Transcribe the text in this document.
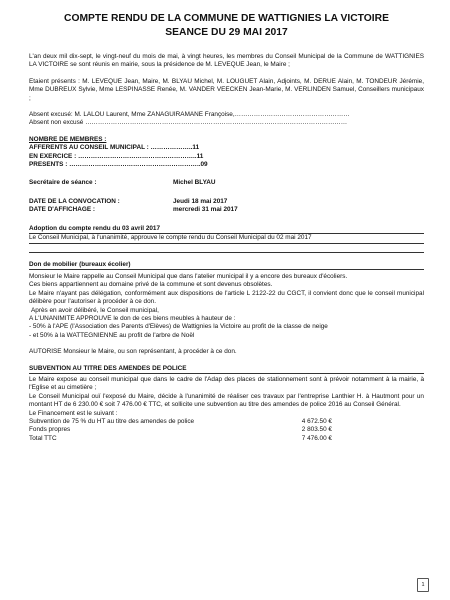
COMPTE RENDU DE LA COMMUNE DE WATTIGNIES LA VICTOIRE

SEANCE DU 29 MAI 2017

L'an deux mil dix-sept, le vingt-neuf du mois de mai, à vingt heures, les membres du Conseil Municipal de la Commune de WATTIGNIES LA VICTOIRE se sont réunis en mairie, sous la présidence de M. LEVEQUE Jean, le Maire ;

Etaient présents : M. LEVEQUE Jean, Maire, M. BLYAU Michel, M. LOUGUET Alain, Adjoints, M. DERUE Alain, M. TONDEUR Jérémie, Mme DUBREUX Sylvie, Mme LESPINASSE Renée, M. VANDER VEECKEN Jean-Marie, M. VERLINDEN Samuel, Conseillers municipaux ;

Absent excusé: M. LALOU Laurent, Mme ZANAGUIRAMANE Françoise,………………………………………………

Absent non excusé ……………………………………………………………………………………………………………

NOMBRE DE MEMBRES :

AFFERENTS AU CONSEIL MUNICIPAL : ………………..11

EN EXERCICE : ………………………………………………..11

PRESENTS : ……………………………………………………..09

Secrétaire de séance :	Michel BLYAU
DATE DE LA CONVOCATION :	Jeudi 18 mai 2017
DATE D'AFFICHAGE :	mercredi 31 mai 2017

Adoption du compte rendu du 03 avril 2017

Le Conseil Municipal, à l'unanimité, approuve le compte rendu du Conseil Municipal du 02 mai 2017

Don de mobilier (bureaux écolier)

Monsieur le Maire rappelle au Conseil Municipal que dans l'atelier municipal il y a encore des bureaux d'écoliers.

Ces biens appartiennent au domaine privé de la commune et sont devenus obsolètes.

Le Maire n'ayant pas délégation, conformément aux dispositions de l'article L 2122-22 du CGCT, il convient donc que le conseil municipal délibère pour l'autoriser à procéder à ce don.

Après en avoir délibéré, le Conseil municipal,

A L'UNANIMITE APPROUVE le don de ces biens meubles à hauteur de :

- 50% à l'APE (l'Association des Parents d'Elèves) de Wattignies la Victoire au profit de la classe de neige

- et 50% à la WATTEGNIENNE au profit de l'arbre de Noël

AUTORISE Monsieur le Maire, ou son représentant, à procéder à ce don.

SUBVENTION AU TITRE DES AMENDES DE POLICE

Le Maire expose au conseil municipal que dans le cadre de l'Adap des places de stationnement sont à prévoir notamment à la mairie, à l'Eglise et au cimetière ;

Le Conseil Municipal ouï l'exposé du Maire, décide à l'unanimité de réaliser ces travaux par l'entreprise Lanthier H. à Hautmont pour un montant HT de 6 230.00 € soit 7 476.00 € TTC, et sollicite une subvention au titre des amendes de police 2016 au Conseil Général.

Le Financement est le suivant :

Subvention de 75 % du HT au titre des amendes de police	4 672.50 €
Fonds propres	2 803.50 €
Total TTC	7 476.00 €
1
